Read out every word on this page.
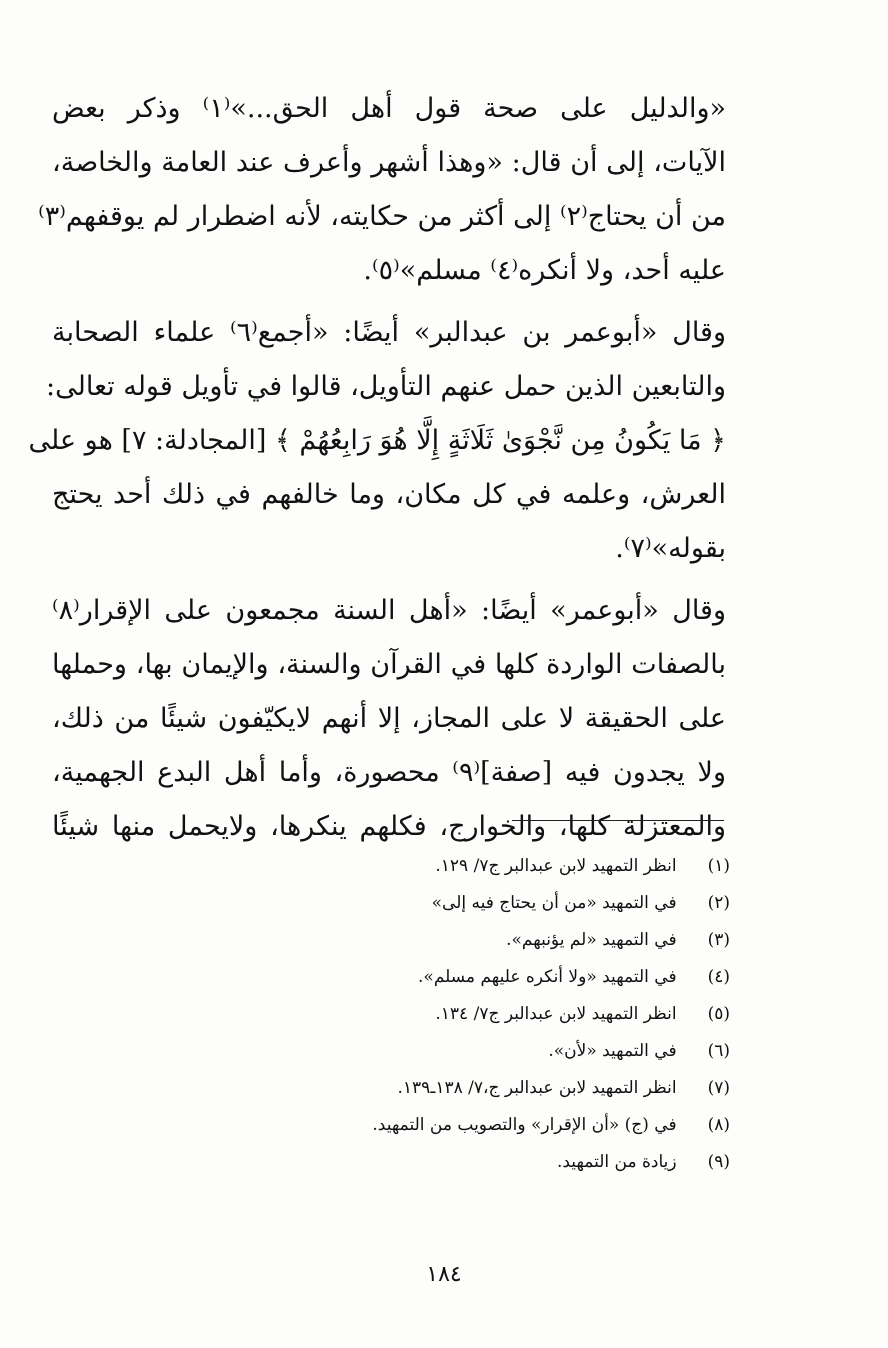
«والدليل على صحة قول أهل الحق...»⁽١⁾ وذكر بعض
الآيات، إلى أن قال: «وهذا أشهر وأعرف عند العامة والخاصة،
من أن يحتاج⁽٢⁾ إلى أكثر من حكايته، لأنه اضطرار لم يوقفهم⁽٣⁾
عليه أحد، ولا أنكره⁽٤⁾ مسلم»⁽٥⁾.
وقال «أبوعمر بن عبدالبر» أيضًا: «أجمع⁽٦⁾ علماء الصحابة
والتابعين الذين حمل عنهم التأويل، قالوا في تأويل قوله تعالى:
﴿ مَا يَكُونُ مِن نَّجْوَىٰ ثَلَاثَةٍ إِلَّا هُوَ رَابِعُهُمْ ﴾ [المجادلة: ٧] هو على
العرش، وعلمه في كل مكان، وما خالفهم في ذلك أحد يحتج
بقوله»⁽٧⁾.
وقال «أبوعمر» أيضًا: «أهل السنة مجمعون على الإقرار⁽٨⁾
بالصفات الواردة كلها في القرآن والسنة، والإيمان بها، وحملها
على الحقيقة لا على المجاز، إلا أنهم لايكيّفون شيئًا من ذلك،
ولا يجدون فيه [صفة]⁽٩⁾ محصورة، وأما أهل البدع الجهمية،
والمعتزلة كلها، والخوارج، فكلهم ينكرها، ولايحمل منها شيئًا
(١) انظر التمهيد لابن عبدالبر ج٧/ ١٢٩.
(٢) في التمهيد «من أن يحتاج فيه إلى»
(٣) في التمهيد «لم يؤنبهم».
(٤) في التمهيد «ولا أنكره عليهم مسلم».
(٥) انظر التمهيد لابن عبدالبر ج٧/ ١٣٤.
(٦) في التمهيد «لأن».
(٧) انظر التمهيد لابن عبدالبر ج،٧/ ١٣٨ـ١٣٩.
(٨) في (ج) «أن الإقرار» والتصويب من التمهيد.
(٩) زيادة من التمهيد.
١٨٤
